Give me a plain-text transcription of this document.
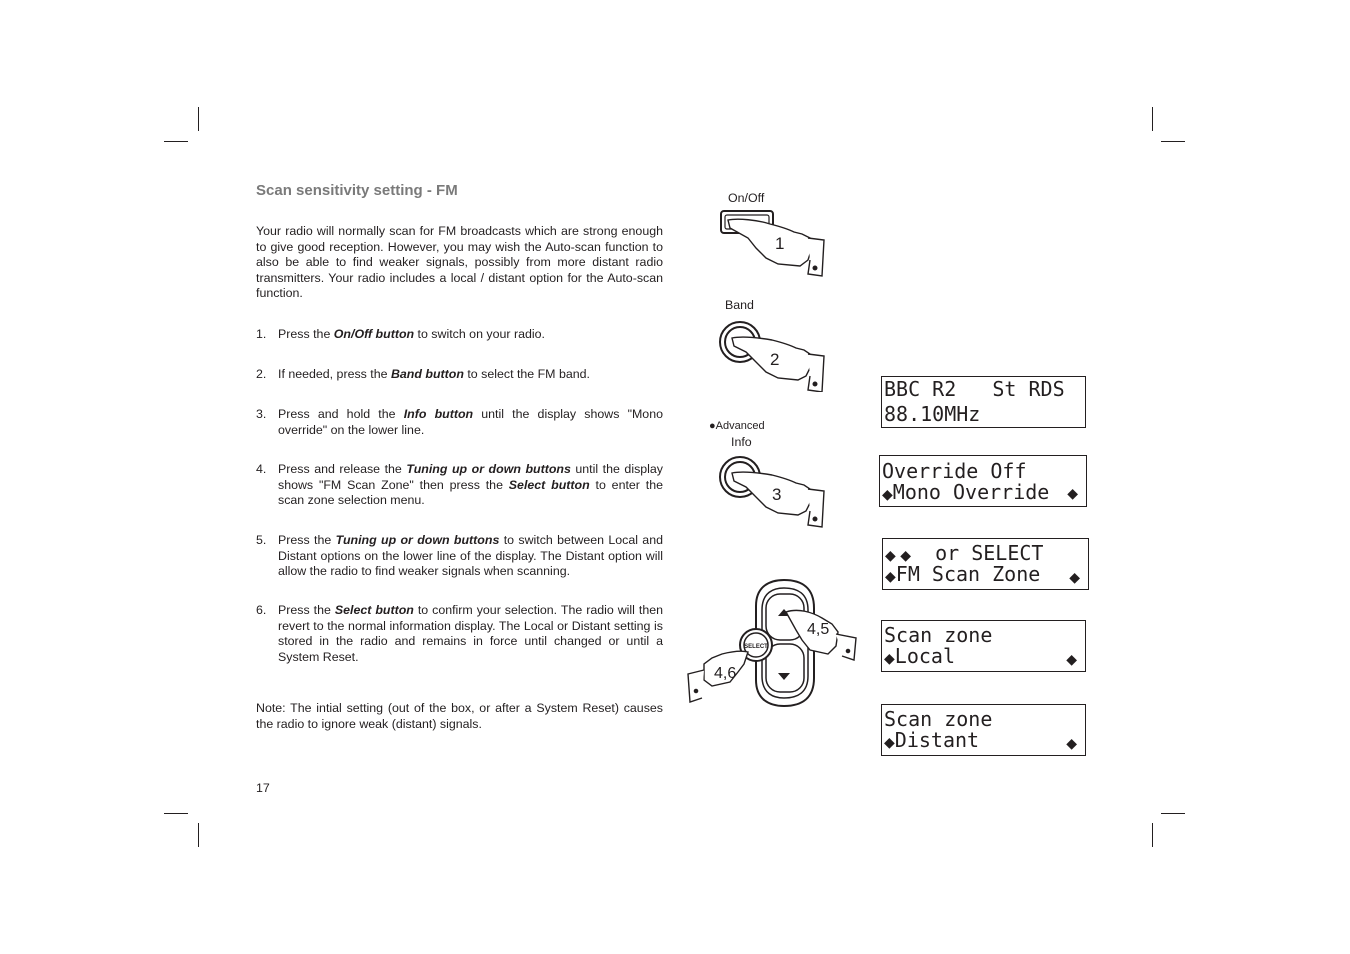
Scan sensitivity setting - FM

Your radio will normally scan for FM broadcasts which are strong enough to give good reception. However, you may wish the Auto-scan function to also be able to find weaker signals, possibly from more distant radio transmitters. Your radio includes a local / distant option for the Auto-scan function.

1. Press the On/Off button to switch on your radio.
2. If needed, press the Band button to select the FM band.
3. Press and hold the Info button until the display shows "Mono override" on the lower line.
4. Press and release the Tuning up or down buttons until the display shows "FM Scan Zone" then press the Select button to enter the scan zone selection menu.
5. Press the Tuning up or down buttons to switch between Local and Distant options on the lower line of the display. The Distant option will allow the radio to find weaker signals when scanning.
6. Press the Select button to confirm your selection. The radio will then revert to the normal information display. The Local or Distant setting is stored in the radio and remains in force until changed or until a System Reset.

Note: The intial setting (out of the box, or after a System Reset) causes the radio to ignore weak (distant) signals.

17
On/Off
1
Band
2
●Advanced
Info
3
SELECT
4,5
4,6
BBC R2   St RDS
88.10MHz
Override Off
◆Mono Override	◆
◆ ◆  or SELECT
◆FM Scan Zone	◆
Scan zone
◆Local	◆
Scan zone
◆Distant	◆
